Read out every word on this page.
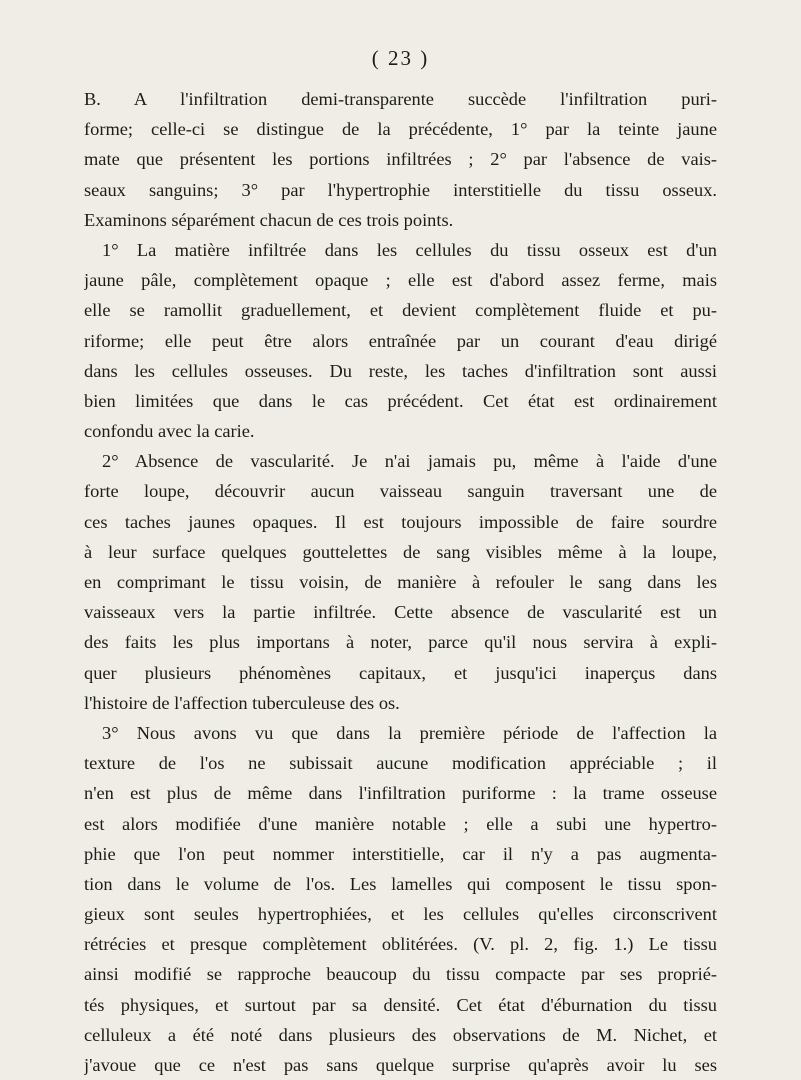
( 23 )
B. A l'infiltration demi-transparente succède l'infiltration puri-
forme; celle-ci se distingue de la précédente, 1° par la teinte jaune
mate que présentent les portions infiltrées ; 2° par l'absence de vais-
seaux sanguins; 3° par l'hypertrophie interstitielle du tissu osseux.
Examinons séparément chacun de ces trois points.
1° La matière infiltrée dans les cellules du tissu osseux est d'un
jaune pâle, complètement opaque ; elle est d'abord assez ferme, mais
elle se ramollit graduellement, et devient complètement fluide et pu-
riforme; elle peut être alors entraînée par un courant d'eau dirigé
dans les cellules osseuses. Du reste, les taches d'infiltration sont aussi
bien limitées que dans le cas précédent. Cet état est ordinairement
confondu avec la carie.
2° Absence de vascularité. Je n'ai jamais pu, même à l'aide d'une
forte loupe, découvrir aucun vaisseau sanguin traversant une de
ces taches jaunes opaques. Il est toujours impossible de faire sourdre
à leur surface quelques gouttelettes de sang visibles même à la loupe,
en comprimant le tissu voisin, de manière à refouler le sang dans les
vaisseaux vers la partie infiltrée. Cette absence de vascularité est un
des faits les plus importans à noter, parce qu'il nous servira à expli-
quer plusieurs phénomènes capitaux, et jusqu'ici inaperçus dans
l'histoire de l'affection tuberculeuse des os.
3° Nous avons vu que dans la première période de l'affection la
texture de l'os ne subissait aucune modification appréciable ; il
n'en est plus de même dans l'infiltration puriforme : la trame osseuse
est alors modifiée d'une manière notable ; elle a subi une hypertro-
phie que l'on peut nommer interstitielle, car il n'y a pas augmenta-
tion dans le volume de l'os. Les lamelles qui composent le tissu spon-
gieux sont seules hypertrophiées, et les cellules qu'elles circonscrivent
rétrécies et presque complètement oblitérées. (V. pl. 2, fig. 1.) Le tissu
ainsi modifié se rapproche beaucoup du tissu compacte par ses proprié-
tés physiques, et surtout par sa densité. Cet état d'éburnation du tissu
celluleux a été noté dans plusieurs des observations de M. Nichet, et
j'avoue que ce n'est pas sans quelque surprise qu'après avoir lu ses
